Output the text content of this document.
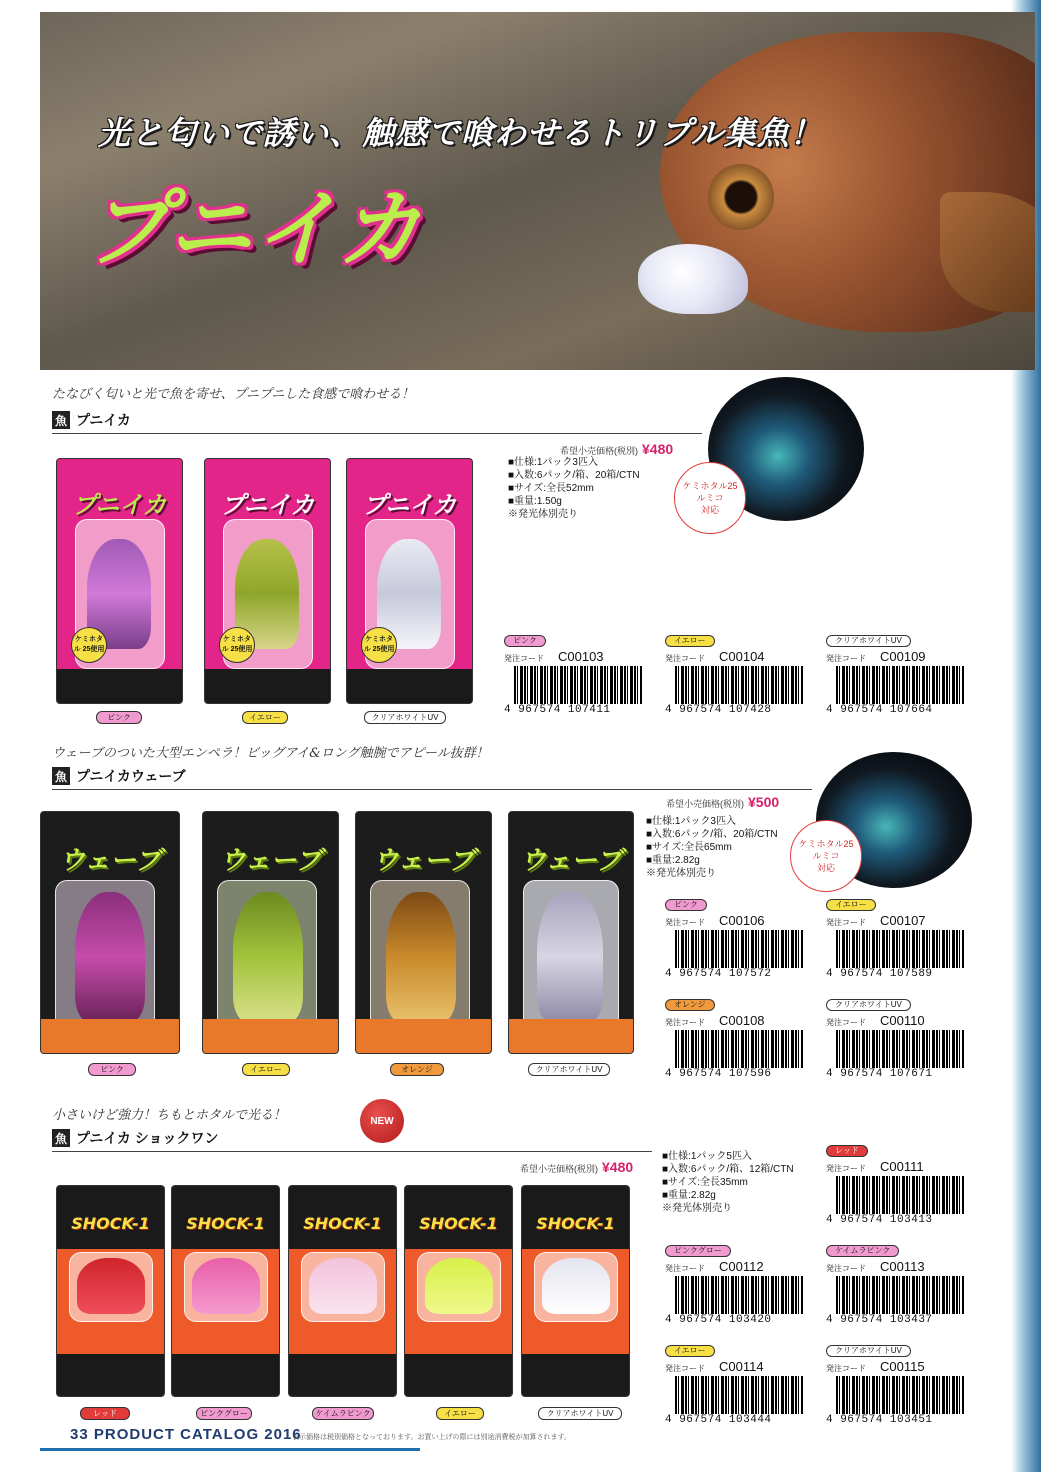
光と匂いで誘い、触感で喰わせるトリプル集魚！
プニイカ
たなびく匂いと光で魚を寄せ、プニプニした食感で喰わせる！
魚 プニイカ
希望小売価格(税別) ¥480
■仕様:1パック3匹入
■入数:6パック/箱、20箱/CTN
■サイズ:全長52mm
■重量:1.50g
※発光体別売り
ケミホタル25
ルミコ
対応
プニイカ
ケミホタル 25使用
ピンク
プニイカ
ケミホタル 25使用
イエロー
プニイカ
ケミホタル 25使用
クリアホワイトUV
ピンク
発注コード C00103
4 967574 107411
イエロー
発注コード C00104
4 967574 107428
クリアホワイトUV
発注コード C00109
4 967574 107664
ウェーブのついた大型エンペラ！ビッグアイ&ロング触腕でアピール抜群！
魚 プニイカウェーブ
希望小売価格(税別) ¥500
■仕様:1パック3匹入
■入数:6パック/箱、20箱/CTN
■サイズ:全長65mm
■重量:2.82g
※発光体別売り
ケミホタル25
ルミコ
対応
ウェーブ
ピンク
ウェーブ
イエロー
ウェーブ
オレンジ
ウェーブ
クリアホワイトUV
ピンク
発注コード C00106
4 967574 107572
イエロー
発注コード C00107
4 967574 107589
オレンジ
発注コード C00108
4 967574 107596
クリアホワイトUV
発注コード C00110
4 967574 107671
小さいけど強力！ちもとホタルで光る！
魚 プニイカ ショックワン
NEW
希望小売価格(税別) ¥480
■仕様:1パック5匹入
■入数:6パック/箱、12箱/CTN
■サイズ:全長35mm
■重量:2.82g
※発光体別売り
SHOCK-1
レッド
SHOCK-1
ピンクグロー
SHOCK-1
ケイムラピンク
SHOCK-1
イエロー
SHOCK-1
クリアホワイトUV
レッド
発注コード C00111
4 967574 103413
ピンクグロー
発注コード C00112
4 967574 103420
ケイムラピンク
発注コード C00113
4 967574 103437
イエロー
発注コード C00114
4 967574 103444
クリアホワイトUV
発注コード C00115
4 967574 103451
33 PRODUCT CATALOG 2016
表示価格は税別価格となっております。お買い上げの際には別途消費税が加算されます。
